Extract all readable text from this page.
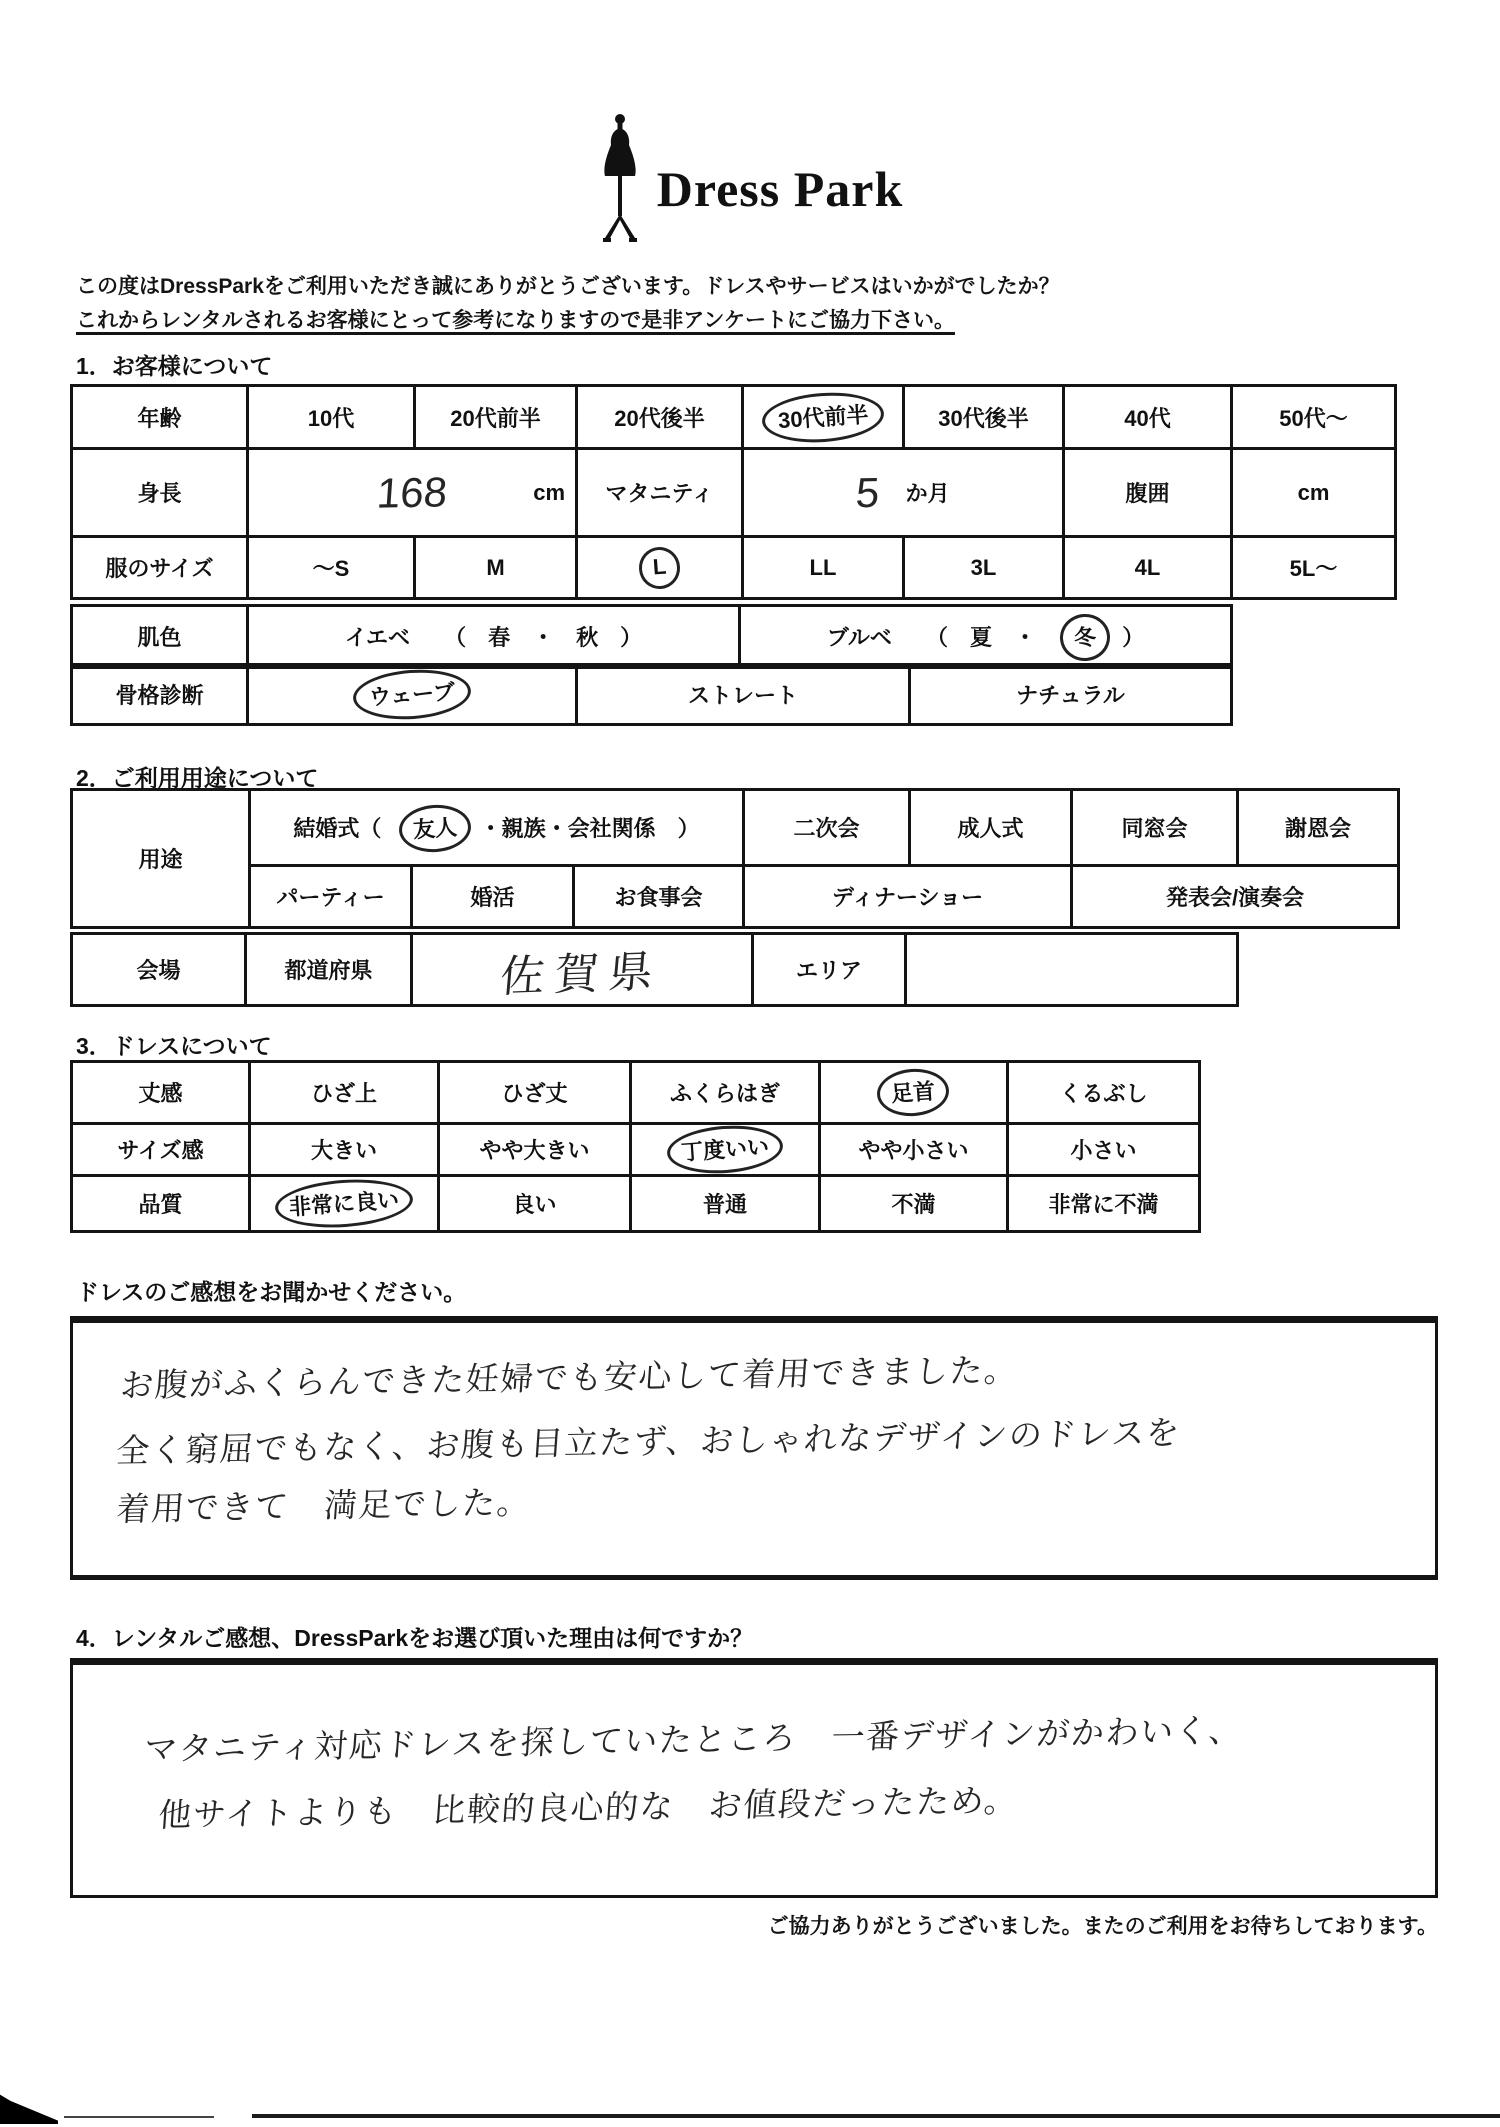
Dress Park
この度はDressParkをご利用いただき誠にありがとうございます。ドレスやサービスはいかがでしたか？
これからレンタルされるお客様にとって参考になりますので是非アンケートにご協力下さい。
1．お客様について
年齢	10代	20代前半	20代後半	30代前半	30代後半	40代	50代～
身長	168 cm		マタニティ	5 か月		腹囲	cm
服のサイズ	～S	M	L	LL	3L	4L	5L～
肌色	イエベ （　春　・　秋　）	ブルベ （　夏　・ 冬 ）
骨格診断	ウェーブ	ストレート	ナチュラル
2．ご利用用途について
用途	結婚式（ 友人 ・親族・会社関係　）			二次会	成人式	同窓会	謝恩会
	パーティー	婚活	お食事会	ディナーショー		発表会/演奏会	
会場	都道府県	佐賀県	エリア	
3．ドレスについて
丈感	ひざ上	ひざ丈	ふくらはぎ	足首	くるぶし
サイズ感	大きい	やや大きい	丁度いい	やや小さい	小さい
品質	非常に良い	良い	普通	不満	非常に不満
ドレスのご感想をお聞かせください。
お腹がふくらんできた妊婦でも安心して着用できました。
全く窮屈でもなく、お腹も目立たず、おしゃれなデザインのドレスを
着用できて　満足でした。
4．レンタルご感想、DressParkをお選び頂いた理由は何ですか？
マタニティ対応ドレスを探していたところ　一番デザインがかわいく、
他サイトよりも　比較的良心的な　お値段だったため。
ご協力ありがとうございました。またのご利用をお待ちしております。
